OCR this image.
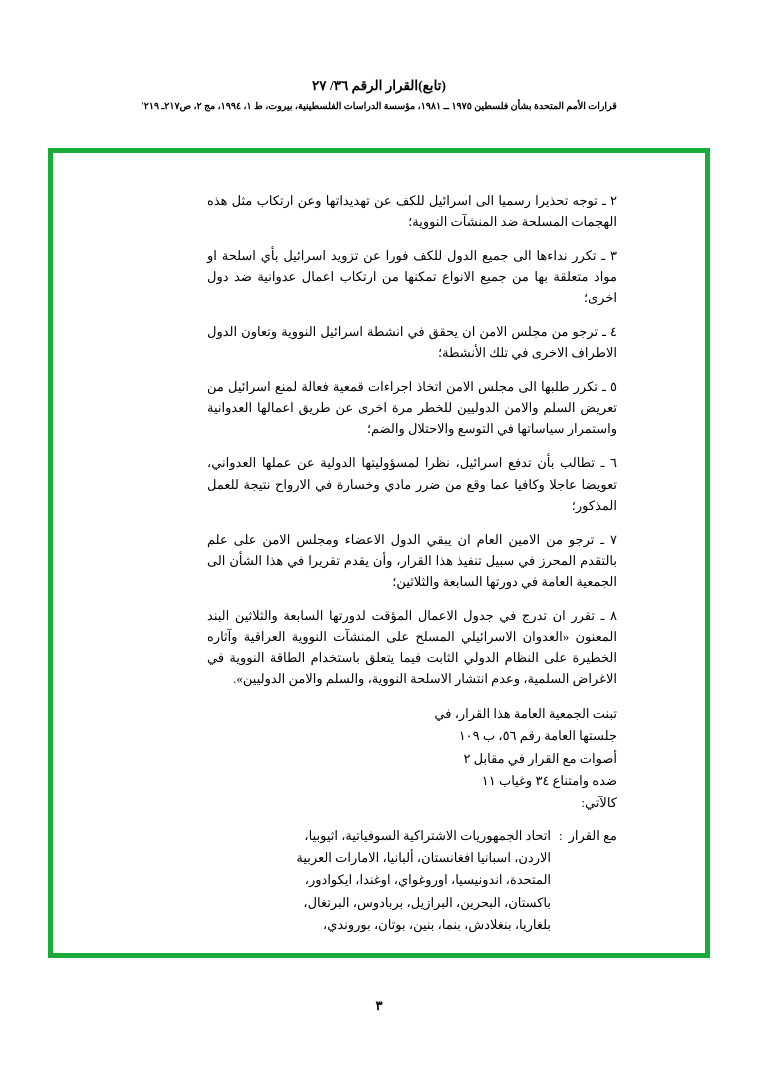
(تابع)القرار الرقم ٣٦/ ٢٧
قرارات الأمم المتحدة بشأن فلسطين ١٩٧٥ ــ ١٩٨١، مؤسسة الدراسات الفلسطينية، بيروت، ط ١، ١٩٩٤، مج ٢، ص٢١٧ـ ٢١٩'

٢ ـ توجه تحذيرا رسميا الى اسرائيل للكف عن تهديداتها وعن ارتكاب مثل هذه الهجمات المسلحة ضد المنشآت النووية؛

٣ ـ تكرر نداءها الى جميع الدول للكف فورا عن تزويد اسرائيل بأي اسلحة او مواد متعلقة بها من جميع الانواع تمكنها من ارتكاب اعمال عدوانية ضد دول اخرى؛

٤ ـ ترجو من مجلس الامن ان يحقق في انشطة اسرائيل النووية وتعاون الدول الاطراف الاخرى في تلك الأنشطة؛

٥ ـ تكرر طلبها الى مجلس الامن اتخاذ اجراءات قمعية فعالة لمنع اسرائيل من تعريض السلم والامن الدوليين للخطر مرة اخرى عن طريق اعمالها العدوانية واستمرار سياساتها في التوسع والاحتلال والضم؛

٦ ـ تطالب بأن تدفع اسرائيل، نظرا لمسؤوليتها الدولية عن عملها العدواني، تعويضا عاجلا وكافيا عما وقع من ضرر مادي وخسارة في الارواح نتيجة للعمل المذكور؛

٧ ـ ترجو من الامين العام ان يبقي الدول الاعضاء ومجلس الامن على علم بالتقدم المحرز في سبيل تنفيذ هذا القرار، وأن يقدم تقريرا في هذا الشأن الى الجمعية العامة في دورتها السابعة والثلاثين؛

٨ ـ تقرر ان تدرج في جدول الاعمال المؤقت لدورتها السابعة والثلاثين البند المعنون «العدوان الاسرائيلي المسلح على المنشآت النووية العراقية وآثاره الخطيرة على النظام الدولي الثابت فيما يتعلق باستخدام الطاقة النووية في الاغراض السلمية، وعدم انتشار الاسلحة النووية، والسلم والامن الدوليين».

تبنت الجمعية العامة هذا القرار، في
جلستها العامة رقم ٥٦، ب ١٠٩
أصوات مع القرار في مقابل ٢
ضده وامتناع ٣٤ وغياب ١١
كالآتي:
مع القرار
:
اتحاد الجمهوريات الاشتراكية السوفياتية، اثيوبيا،
الاردن، اسبانيا افغانستان، ألبانيا، الامارات العربية
المتحدة، اندونيسيا، اوروغواي، اوغندا، ايكوادور،
باكستان، البحرين، البرازيل، بربادوس، البرتغال،
بلغاريا، بنغلادش، بنما، بنين، بوتان، بوروندي،
٣
